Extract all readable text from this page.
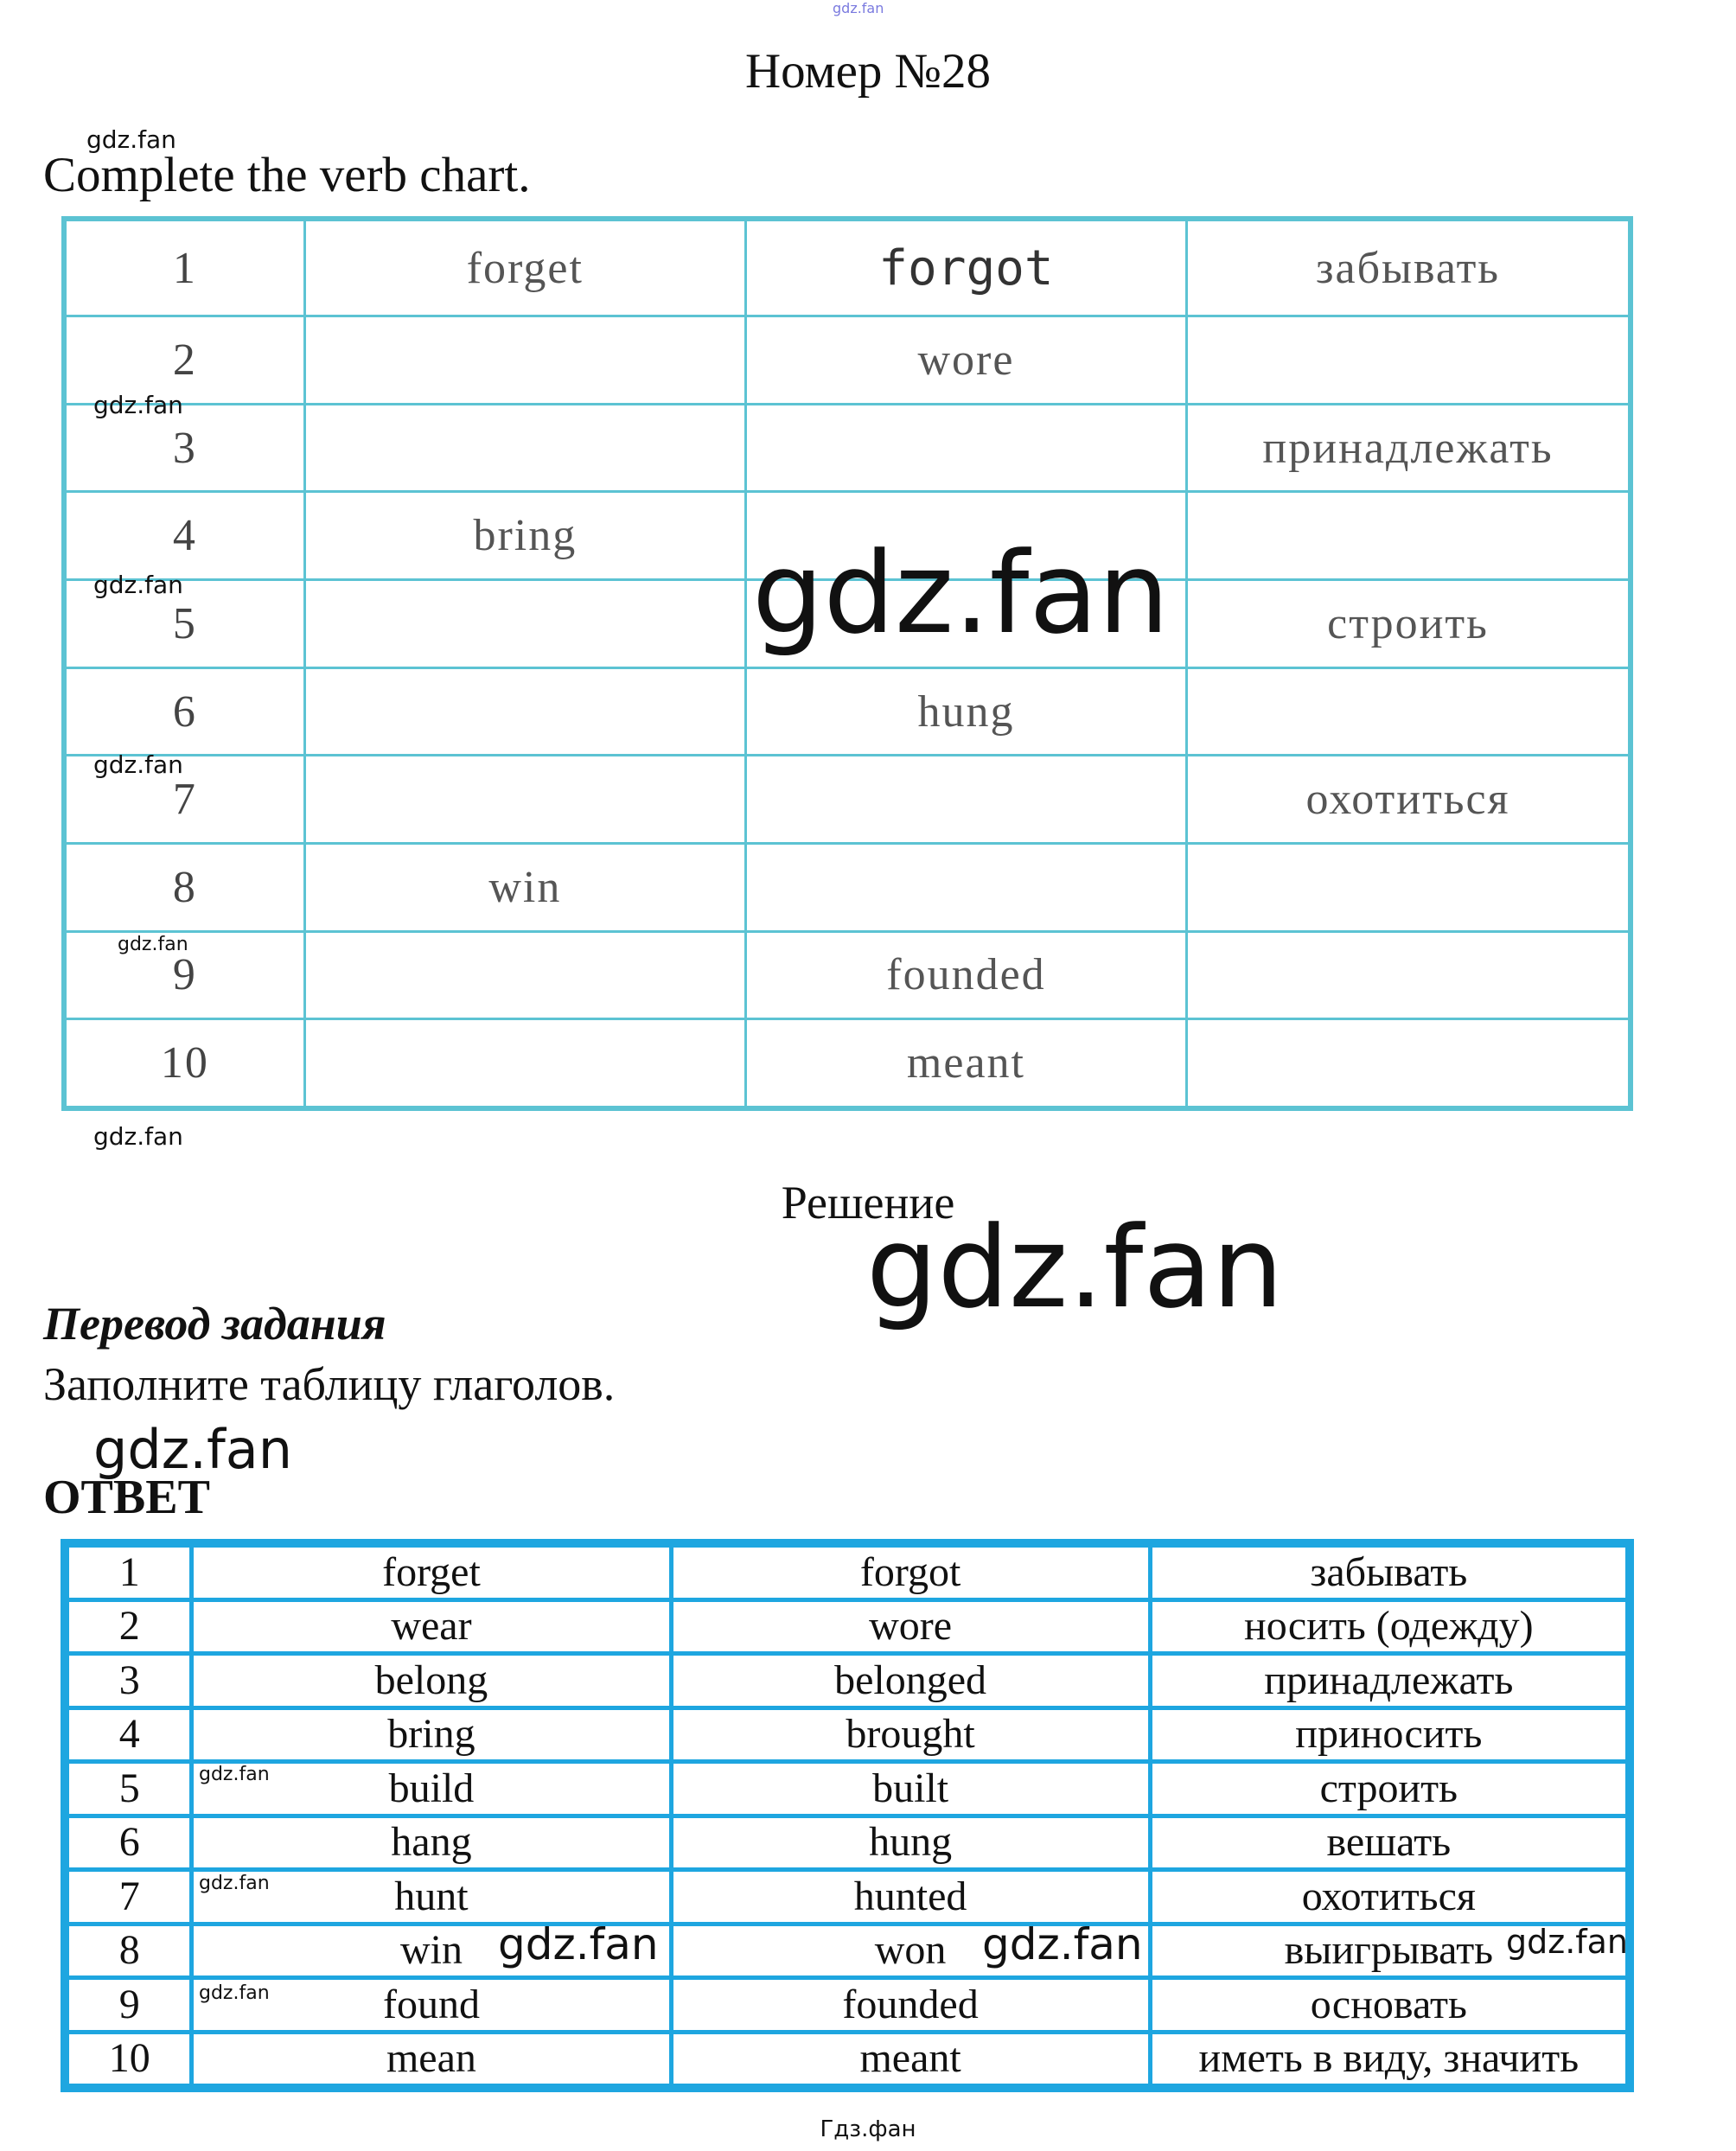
gdz.fan
Номер №28
gdz.fan
Complete the verb chart.
1	forget	forgot	забывать
2		wore	
3			принадлежать
4	bring		
5			строить
6		hung	
7			охотиться
8	win		
9		founded	
10		meant	
gdz.fan
gdz.fan
gdz.fan
gdz.fan
gdz.fan
gdz.fan
Решение
gdz.fan
Перевод задания
Заполните таблицу глаголов.
gdz.fan
ОТВЕТ
1	forget	forgot	забывать
2	wear	wore	носить (одежду)
3	belong	belonged	принадлежать
4	bring	brought	приносить
5	build	built	строить
6	hang	hung	вешать
7	hunt	hunted	охотиться
8	win	won	выигрывать
9	found	founded	основать
10	mean	meant	иметь в виду, значить
gdz.fan
gdz.fan
gdz.fan
gdz.fan	gdz.fan	gdz.fan
Гдз.фан
